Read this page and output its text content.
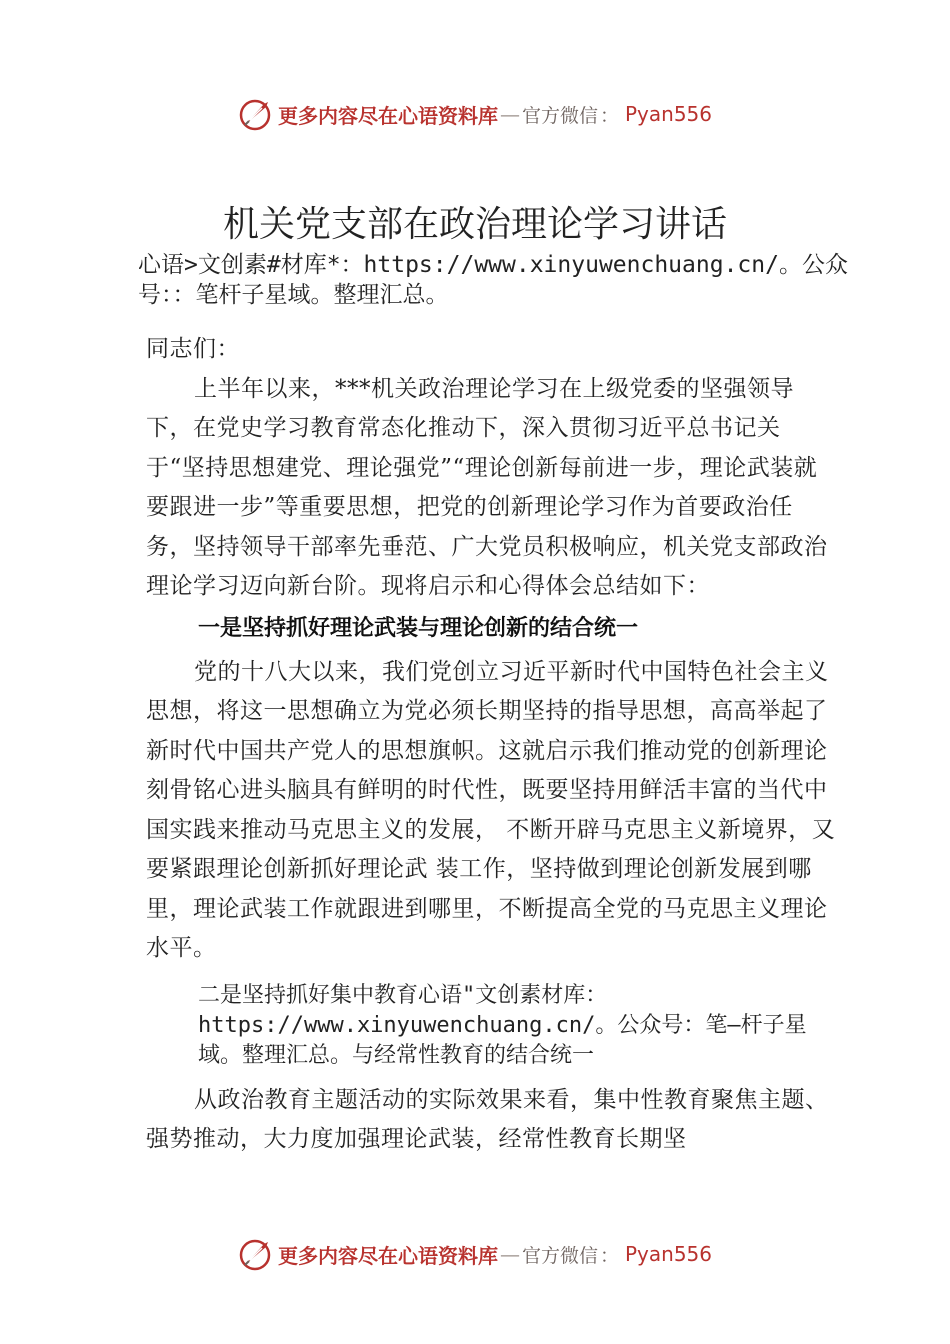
更多内容尽在心语资料库 — 官方微信 ： Pyan556
机关党支部在政治理论学习讲话
心语>文创素#材库*：https://www.xinyuwenchuang.cn/。公众号：：笔杆子星域。整理汇总。

同志们：

上半年以来，***机关政治理论学习在上级党委的坚强领导下，在党史学习教育常态化推动下，深入贯彻习近平总书记关于“坚持思想建党、理论强党”“理论创新每前进一步，理论武装就要跟进一步”等重要思想，把党的创新理论学习作为首要政治任务，坚持领导干部率先垂范、广大党员积极响应，机关党支部政治理论学习迈向新台阶。现将启示和心得体会总结如下：

一是坚持抓好理论武装与理论创新的结合统一

党的十八大以来，我们党创立习近平新时代中国特色社会主义思想，将这一思想确立为党必须长期坚持的指导思想，高高举起了新时代中国共产党人的思想旗帜。这就启示我们推动党的创新理论刻骨铭心进头脑具有鲜明的时代性，既要坚持用鲜活丰富的当代中国实践来推动马克思主义的发展， 不断开辟马克思主义新境界，又要紧跟理论创新抓好理论武 装工作，坚持做到理论创新发展到哪里，理论武装工作就跟进到哪里，不断提高全党的马克思主义理论水平。

二是坚持抓好集中教育心语"文创素材库：https://www.xinyuwenchuang.cn/。公众号：笔—杆子星域。整理汇总。与经常性教育的结合统一

从政治教育主题活动的实际效果来看，集中性教育聚焦主题、强势推动，大力度加强理论武装，经常性教育长期坚

更多内容尽在心语资料库 — 官方微信 ： Pyan556
